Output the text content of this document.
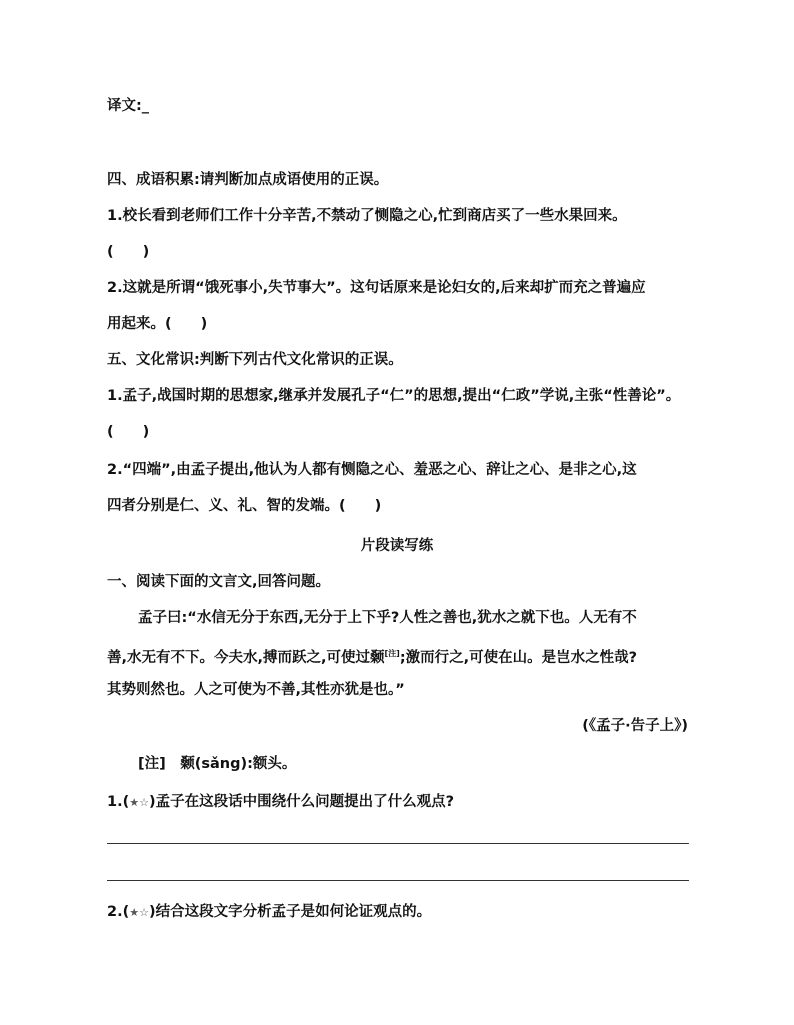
译文:_
四、成语积累:请判断加点成语使用的正误。
1.校长看到老师们工作十分辛苦,不禁动了恻隐之心,忙到商店买了一些水果回来。
(　　)
2.这就是所谓“饿死事小,失节事大”。这句话原来是论妇女的,后来却扩而充之普遍应
用起来。(　　)
五、文化常识:判断下列古代文化常识的正误。
1.孟子,战国时期的思想家,继承并发展孔子“仁”的思想,提出“仁政”学说,主张“性善论”。
(　　)
2.“四端”,由孟子提出,他认为人都有恻隐之心、羞恶之心、辞让之心、是非之心,这
四者分别是仁、义、礼、智的发端。(　　)
片段读写练
一、阅读下面的文言文,回答问题。
孟子曰:“水信无分于东西,无分于上下乎?人性之善也,犹水之就下也。人无有不
善,水无有不下。今夫水,搏而跃之,可使过颡[注];激而行之,可使在山。是岂水之性哉?
其势则然也。人之可使为不善,其性亦犹是也。”
(《孟子·告子上》)
[注]　颡(sǎng):额头。
1.(★☆)孟子在这段话中围绕什么问题提出了什么观点?
2.(★☆)结合这段文字分析孟子是如何论证观点的。
